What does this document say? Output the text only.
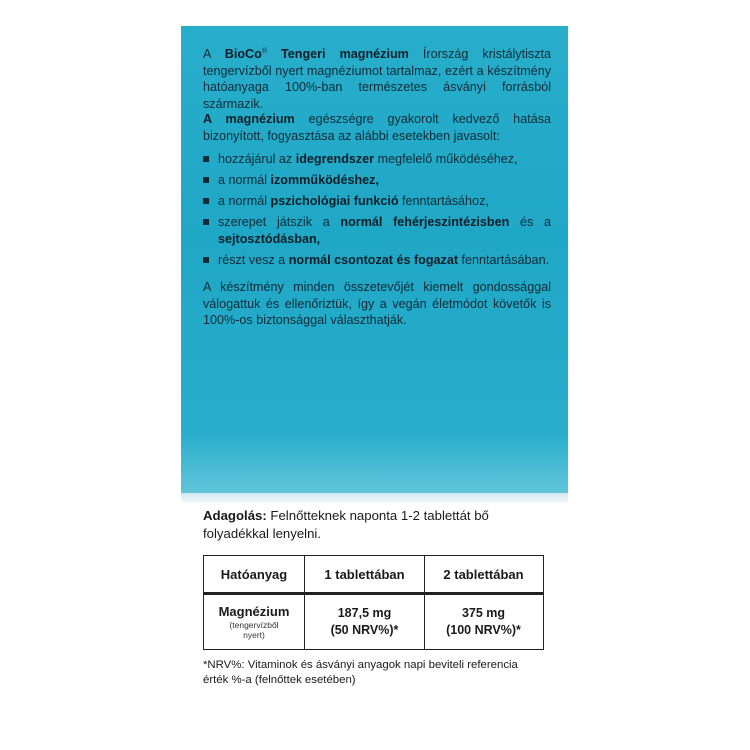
A BioCo® Tengeri magnézium Írország kristálytiszta tengervízből nyert magnéziumot tartalmaz, ezért a készítmény hatóanyaga 100%-ban természetes ásványi forrásból származik.
A magnézium egészségre gyakorolt kedvező hatása bizonyított, fogyasztása az alábbi esetekben javasolt:
hozzájárul az idegrendszer megfelelő működéséhez,
a normál izomműködéshez,
a normál pszichológiai funkció fenntartásához,
szerepet játszik a normál fehérjeszintézisben és a sejtosztódásban,
részt vesz a normál csontozat és fogazat fenntartásában.
A készítmény minden összetevőjét kiemelt gondossággal válogattuk és ellenőriztük, így a vegán életmódot követők is 100%-os biztonsággal választhatják.
Adagolás: Felnőtteknek naponta 1-2 tablettát bő folyadékkal lenyelni.
Hatóanyag	1 tablettában	2 tablettában
Magnézium
(tengervízből nyert)
187,5 mg
(50 NRV%)*
375 mg
(100 NRV%)*
*NRV%: Vitaminok és ásványi anyagok napi beviteli referencia érték %-a (felnőttek esetében)
